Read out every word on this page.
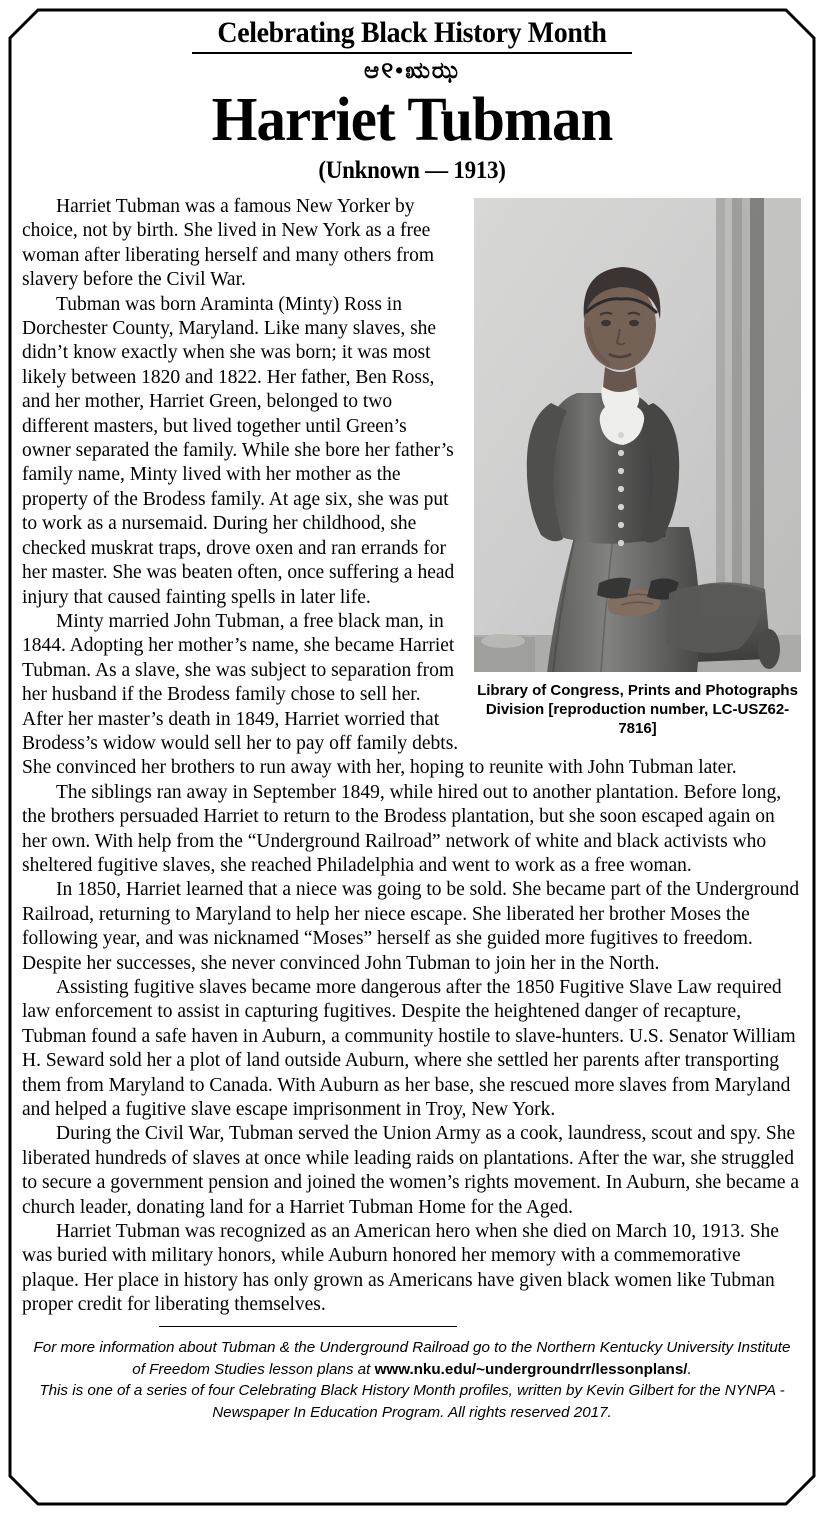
Celebrating Black History Month
ಆ୧•ಋಝ
Harriet Tubman
(Unknown — 1913)
Library of Congress, Prints and Photographs Division [reproduction number, LC-USZ62-7816]

Harriet Tubman was a famous New Yorker by choice, not by birth. She lived in New York as a free woman after liberating herself and many others from slavery before the Civil War.

Tubman was born Araminta (Minty) Ross in Dorchester County, Maryland. Like many slaves, she didn’t know exactly when she was born; it was most likely between 1820 and 1822. Her father, Ben Ross, and her mother, Harriet Green, belonged to two different masters, but lived together until Green’s owner separated the family. While she bore her father’s family name, Minty lived with her mother as the property of the Brodess family. At age six, she was put to work as a nursemaid. During her childhood, she checked muskrat traps, drove oxen and ran errands for her master. She was beaten often, once suffering a head injury that caused fainting spells in later life.

Minty married John Tubman, a free black man, in 1844. Adopting her mother’s name, she became Harriet Tubman. As a slave, she was subject to separation from her husband if the Brodess family chose to sell her. After her master’s death in 1849, Harriet worried that Brodess’s widow would sell her to pay off family debts. She convinced her brothers to run away with her, hoping to reunite with John Tubman later.

The siblings ran away in September 1849, while hired out to another plantation. Before long, the brothers persuaded Harriet to return to the Brodess plantation, but she soon escaped again on her own. With help from the “Underground Railroad” network of white and black activists who sheltered fugitive slaves, she reached Philadelphia and went to work as a free woman.

In 1850, Harriet learned that a niece was going to be sold. She became part of the Underground Railroad, returning to Maryland to help her niece escape. She liberated her brother Moses the following year, and was nicknamed “Moses” herself as she guided more fugitives to freedom. Despite her successes, she never convinced John Tubman to join her in the North.

Assisting fugitive slaves became more dangerous after the 1850 Fugitive Slave Law required law enforcement to assist in capturing fugitives. Despite the heightened danger of recapture, Tubman found a safe haven in Auburn, a community hostile to slave-hunters. U.S. Senator William H. Seward sold her a plot of land outside Auburn, where she settled her parents after transporting them from Maryland to Canada. With Auburn as her base, she rescued more slaves from Maryland and helped a fugitive slave escape imprisonment in Troy, New York.

During the Civil War, Tubman served the Union Army as a cook, laundress, scout and spy. She liberated hundreds of slaves at once while leading raids on plantations. After the war, she struggled to secure a government pension and joined the women’s rights movement. In Auburn, she became a church leader, donating land for a Harriet Tubman Home for the Aged.

Harriet Tubman was recognized as an American hero when she died on March 10, 1913. She was buried with military honors, while Auburn honored her memory with a commemorative plaque. Her place in history has only grown as Americans have given black women like Tubman proper credit for liberating themselves.

For more information about Tubman & the Underground Railroad go to the Northern Kentucky University Institute of Freedom Studies lesson plans at www.nku.edu/~undergroundrr/lessonplans/.
This is one of a series of four Celebrating Black History Month profiles, written by Kevin Gilbert for the NYNPA - Newspaper In Education Program. All rights reserved 2017.
